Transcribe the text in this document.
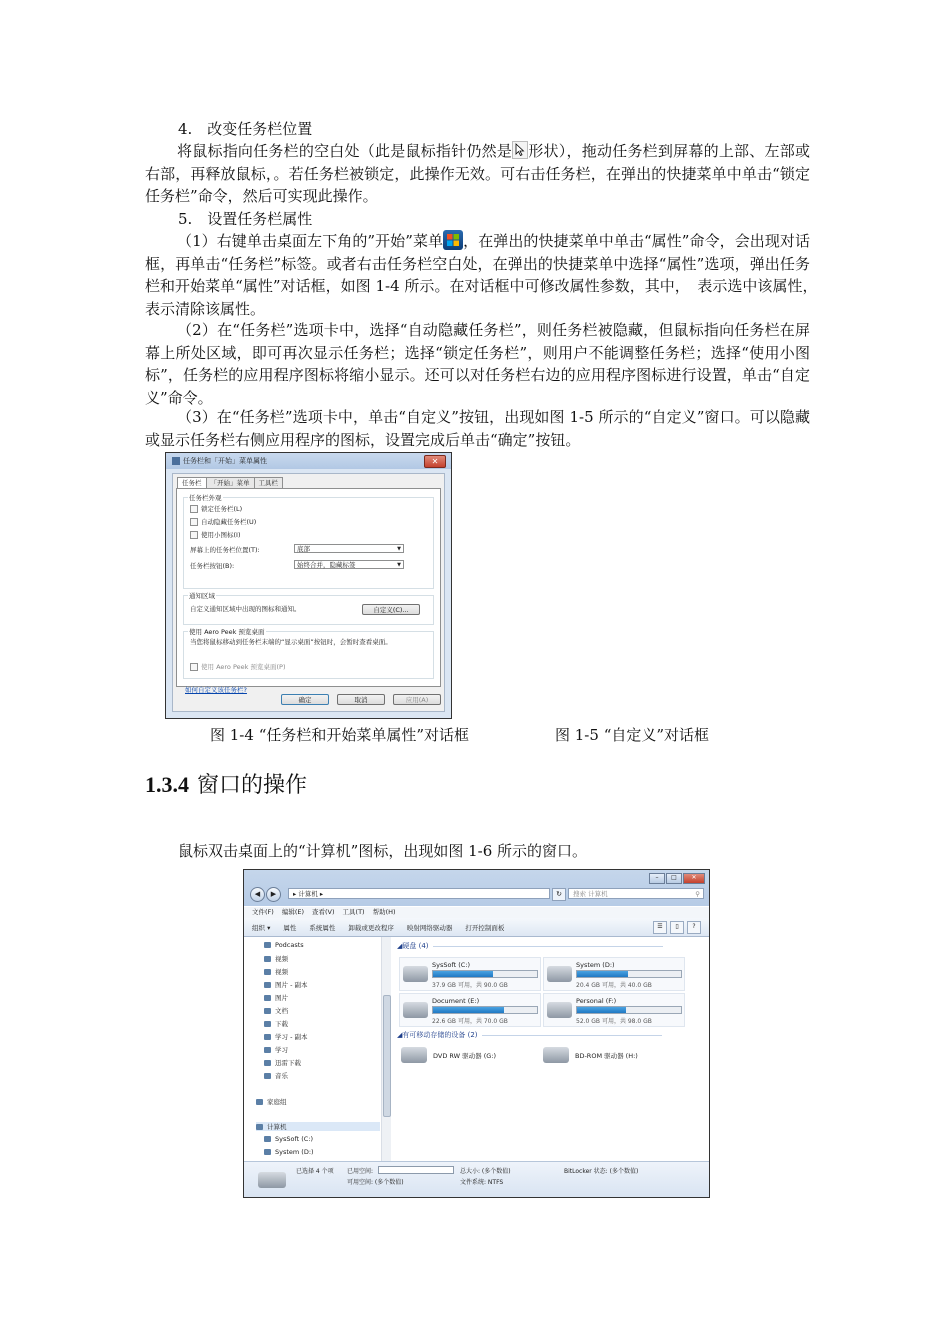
4.　改变任务栏位置
将鼠标指向任务栏的空白处（此是鼠标指针仍然是 形状），拖动任务栏到屏幕的上部、左部或右部，再释放鼠标，。若任务栏被锁定，此操作无效。可右击任务栏，在弹出的快捷菜单中单击“锁定任务栏”命令，然后可实现此操作。
5.　设置任务栏属性
（1）右键单击桌面左下角的”开始”菜单 ，在弹出的快捷菜单中单击“属性”命令，会出现对话框，再单击“任务栏”标签。或者右击任务栏空白处，在弹出的快捷菜单中选择“属性”选项，弹出任务栏和开始菜单“属性”对话框，如图 1-4 所示。在对话框中可修改属性参数，其中，　表示选中该属性，　表示清除该属性。
（2）在“任务栏”选项卡中，选择“自动隐藏任务栏”，则任务栏被隐藏，但鼠标指向任务栏在屏幕上所处区域，即可再次显示任务栏；选择“锁定任务栏”，则用户不能调整任务栏；选择“使用小图标”，任务栏的应用程序图标将缩小显示。还可以对任务栏右边的应用程序图标进行设置，单击“自定义”命令。
（3）在“任务栏”选项卡中，单击“自定义”按钮，出现如图 1-5 所示的“自定义”窗口。可以隐藏或显示任务栏右侧应用程序的图标，设置完成后单击“确定”按钮。
任务栏和「开始」菜单属性	✕
任务栏	「开始」菜单	工具栏
任务栏外观
锁定任务栏(L)
自动隐藏任务栏(U)
使用小图标(I)
屏幕上的任务栏位置(T):	底部	▼
任务栏按钮(B):	始终合并，隐藏标签	▼
通知区域
自定义通知区域中出现的图标和通知。	自定义(C)...
使用 Aero Peek 预览桌面
当您将鼠标移动到任务栏末端的“显示桌面”按钮时，会暂时查看桌面。
使用 Aero Peek 预览桌面(P)
如何自定义该任务栏?
确定	取消	应用(A)
图 1-4 “任务栏和开始菜单属性”对话框	图 1-5 “自定义”对话框
1.3.4 窗口的操作
鼠标双击桌面上的“计算机”图标，出现如图 1-6 所示的窗口。
–	□	✕
◀	▶	▸ 计算机 ▸	↻	搜索 计算机	⚲
文件(F) 编辑(E) 查看(V) 工具(T) 帮助(H)
组织 ▾ 属性 系统属性 卸载或更改程序 映射网络驱动器 打开控制面板	☰	▯	?
Podcasts
视频
视频
图片 - 副本
图片
文档
下载
学习 - 副本
学习
迅雷下载
音乐
家庭组
计算机
SysSoft (C:)
System (D:)
◢ 硬盘 (4)
SysSoft (C:)
37.9 GB 可用，共 90.0 GB
System (D:)
20.4 GB 可用，共 40.0 GB
Document (E:)
22.6 GB 可用，共 70.0 GB
Personal (F:)
52.0 GB 可用，共 98.0 GB
◢ 有可移动存储的设备 (2)
DVD RW 驱动器 (G:)	BD-ROM 驱动器 (H:)
已选择 4 个项 已用空间:
可用空间: (多个数值)
总大小: (多个数值)
文件系统: NTFS
BitLocker 状态: (多个数值)
